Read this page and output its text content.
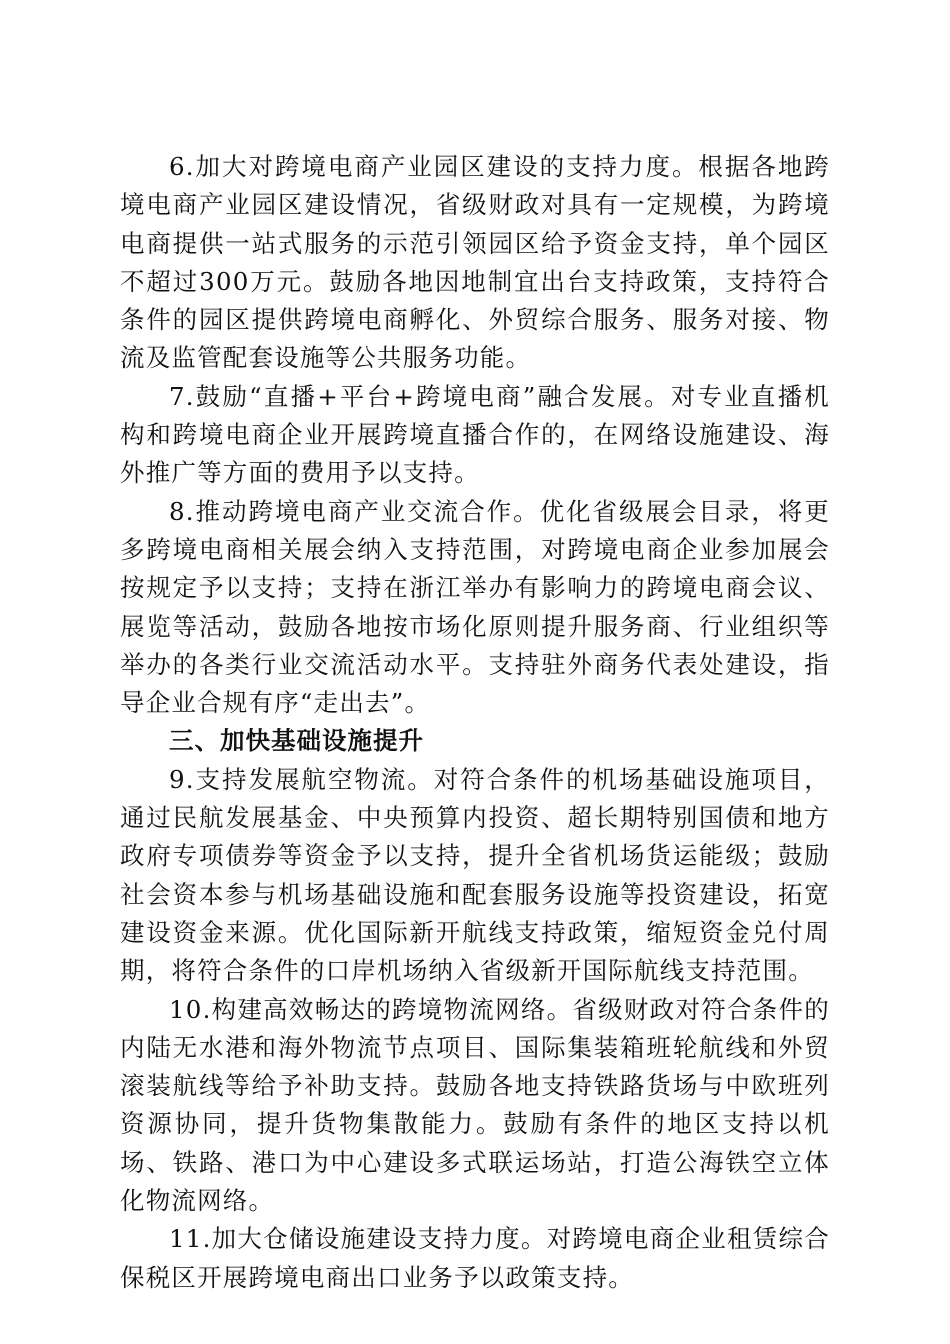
6.加大对跨境电商产业园区建设的支持力度。根据各地跨境电商产业园区建设情况，省级财政对具有一定规模，为跨境电商提供一站式服务的示范引领园区给予资金支持，单个园区不超过300万元。鼓励各地因地制宜出台支持政策，支持符合条件的园区提供跨境电商孵化、外贸综合服务、服务对接、物流及监管配套设施等公共服务功能。

7.鼓励“直播+平台+跨境电商”融合发展。对专业直播机构和跨境电商企业开展跨境直播合作的，在网络设施建设、海外推广等方面的费用予以支持。

8.推动跨境电商产业交流合作。优化省级展会目录，将更多跨境电商相关展会纳入支持范围，对跨境电商企业参加展会按规定予以支持；支持在浙江举办有影响力的跨境电商会议、展览等活动，鼓励各地按市场化原则提升服务商、行业组织等举办的各类行业交流活动水平。支持驻外商务代表处建设，指导企业合规有序“走出去”。

三、加快基础设施提升

9.支持发展航空物流。对符合条件的机场基础设施项目，通过民航发展基金、中央预算内投资、超长期特别国债和地方政府专项债券等资金予以支持，提升全省机场货运能级；鼓励社会资本参与机场基础设施和配套服务设施等投资建设，拓宽建设资金来源。优化国际新开航线支持政策，缩短资金兑付周期，将符合条件的口岸机场纳入省级新开国际航线支持范围。

10.构建高效畅达的跨境物流网络。省级财政对符合条件的内陆无水港和海外物流节点项目、国际集装箱班轮航线和外贸滚装航线等给予补助支持。鼓励各地支持铁路货场与中欧班列资源协同，提升货物集散能力。鼓励有条件的地区支持以机场、铁路、港口为中心建设多式联运场站，打造公海铁空立体化物流网络。

11.加大仓储设施建设支持力度。对跨境电商企业租赁综合保税区开展跨境电商出口业务予以政策支持。
